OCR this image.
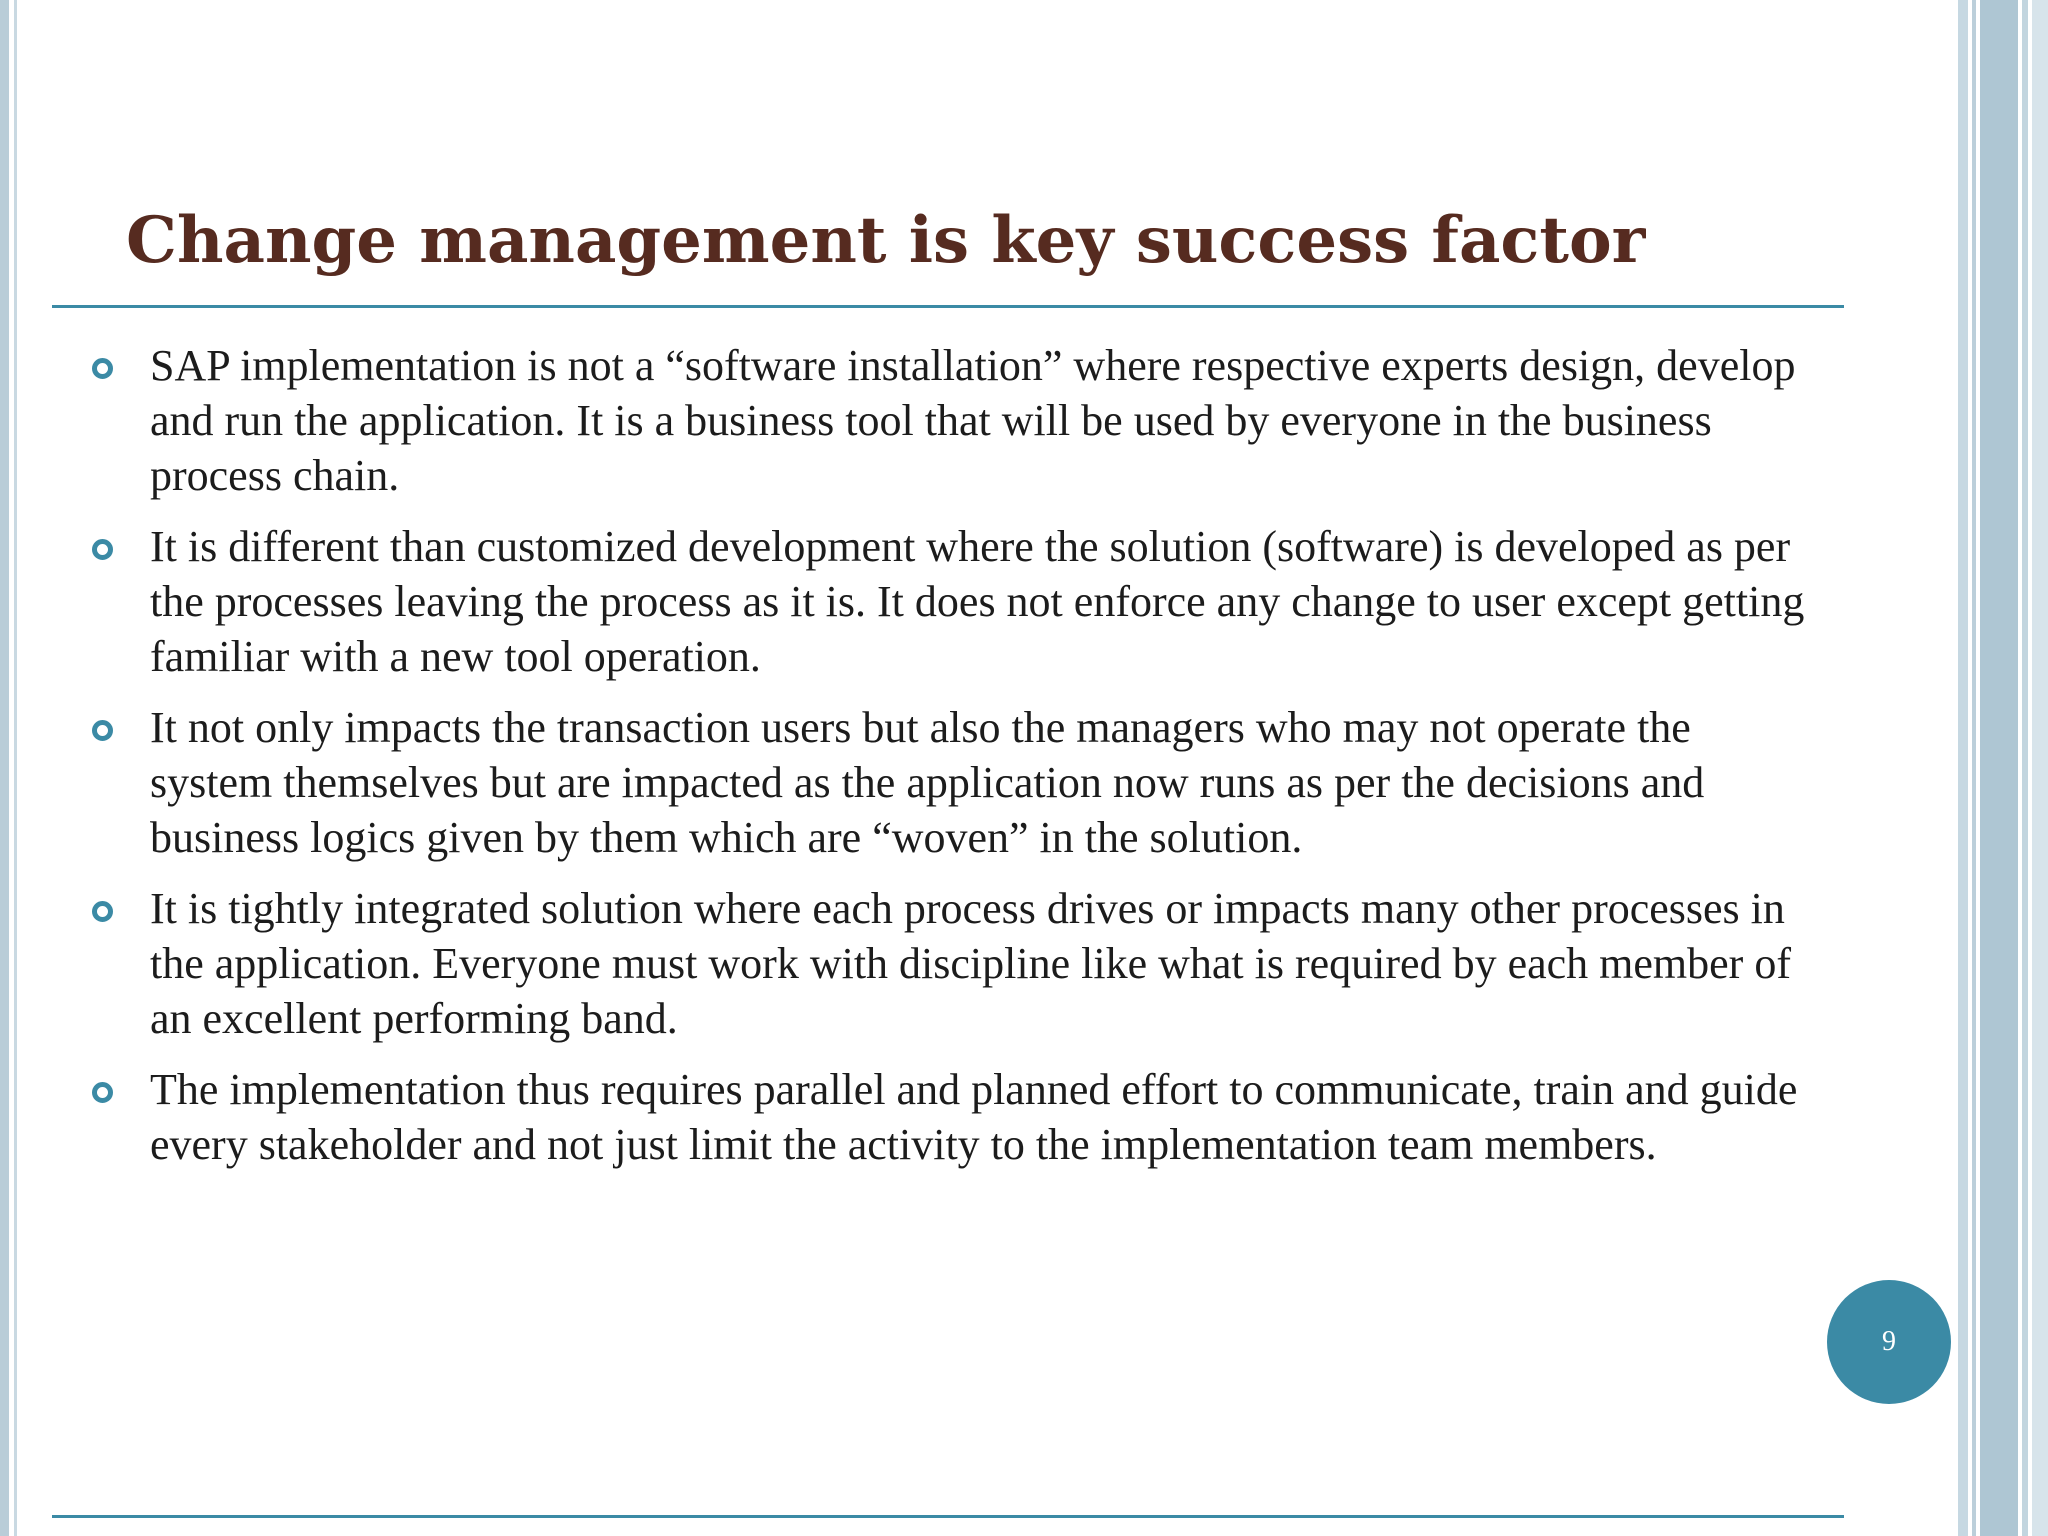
Change management is key success factor
SAP implementation is not a “software installation” where respective experts design, develop and run the application. It is a business tool that will be used by everyone in the business process chain.
It is different than customized development where the solution (software) is developed as per the processes leaving the process as it is. It does not enforce any change to user except getting familiar with a new tool operation.
It not only impacts the transaction users but also the managers who may not operate the system themselves but are impacted as the application now runs as per the decisions and business logics given by them which are “woven” in the solution.
It is tightly integrated solution where each process drives or impacts many other processes in the application. Everyone must work with discipline like what is required by each member of an excellent performing band.
The implementation thus requires parallel and planned effort to communicate, train and guide every stakeholder and not just limit the activity to the implementation team members.
9
